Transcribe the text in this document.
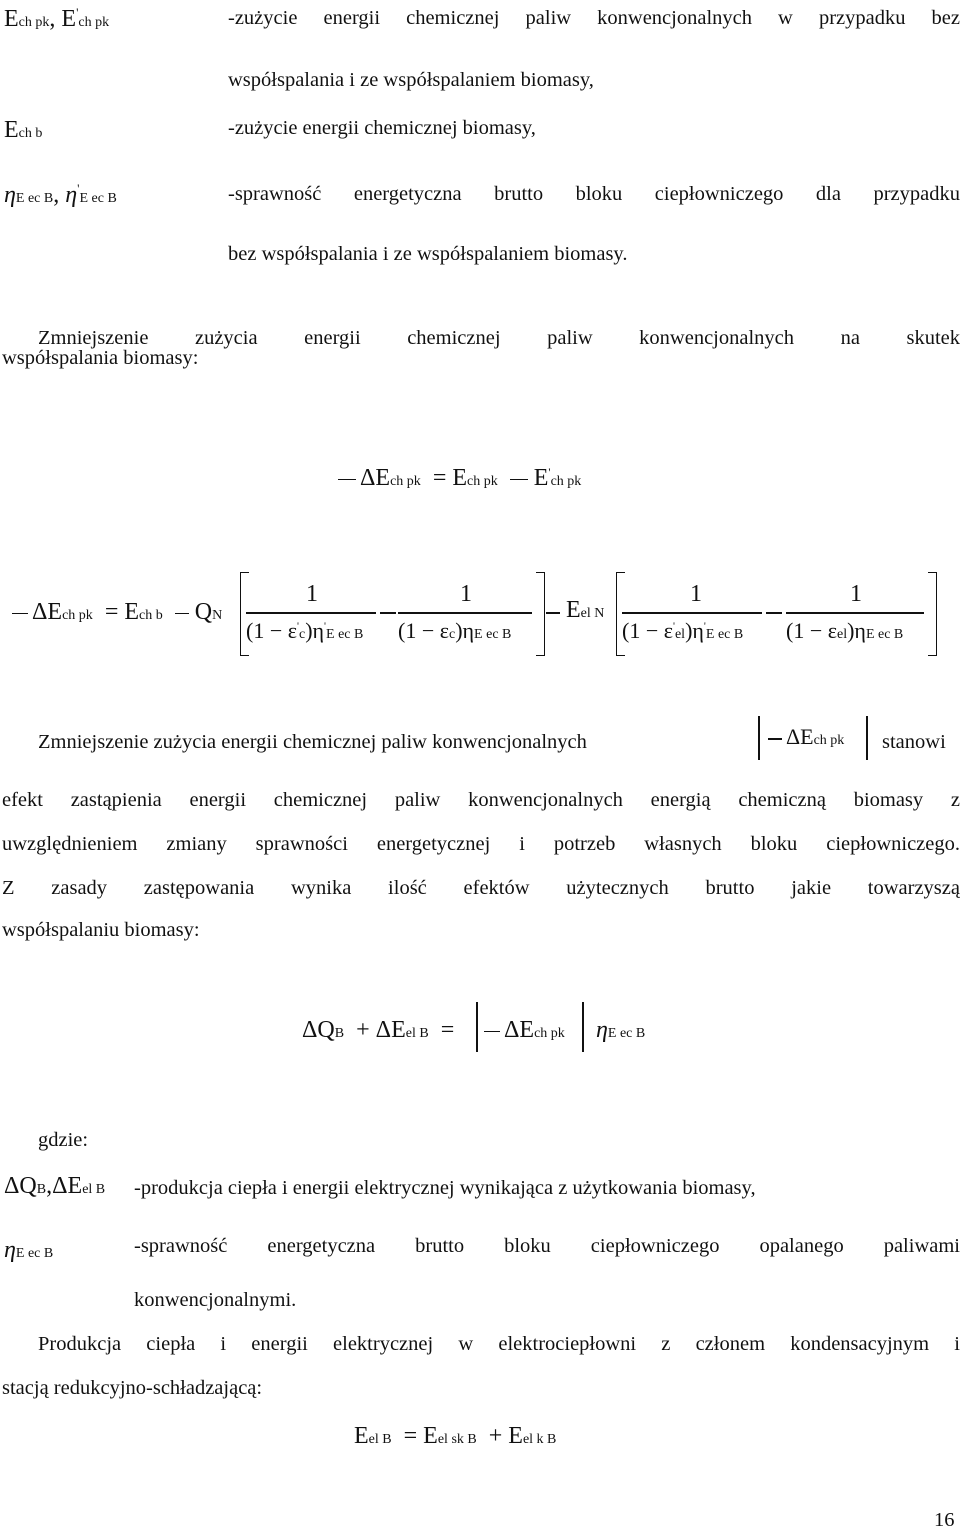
Ech pk, E'ch pk	-zużycie energii chemicznej paliw konwencjonalnych w przypadku bez
współspalania i ze współspalaniem biomasy,
Ech b	-zużycie energii chemicznej biomasy,
ηE ec B, η'E ec B	-sprawność energetyczna brutto bloku ciepłowniczego dla przypadku
bez współspalania i ze współspalaniem biomasy.
Zmniejszenie zużycia energii chemicznej paliw konwencjonalnych na skutek
współspalania biomasy:
ΔEch pk  = Ech pk E'ch pk
ΔEch pk  = Ech b QN
1
(1 − ε'c)η'E ec B
1
(1 − εc)ηE ec B
Eel N
1
(1 − ε'el)η'E ec B
1
(1 − εel)ηE ec B
Zmniejszenie zużycia energii chemicznej paliw konwencjonalnych	ΔEch pk stanowi
efekt zastąpienia energii chemicznej paliw konwencjonalnych energią chemiczną biomasy z
uwzględnieniem zmiany sprawności energetycznej i potrzeb własnych bloku ciepłowniczego.
Z zasady zastępowania wynika ilość efektów użytecznych brutto jakie towarzyszą
współspalaniu biomasy:
ΔQB + ΔEel B =	ΔEch pk ηE ec B
gdzie:
ΔQB,ΔEel B -produkcja ciepła i energii elektrycznej wynikająca z użytkowania biomasy,
ηE ec B	-sprawność energetyczna brutto bloku ciepłowniczego opalanego paliwami
konwencjonalnymi.
Produkcja ciepła i energii elektrycznej w elektrociepłowni z członem kondensacyjnym i
stacją redukcyjno-schładzającą:
Eel B = Eel sk B + Eel k B
16
